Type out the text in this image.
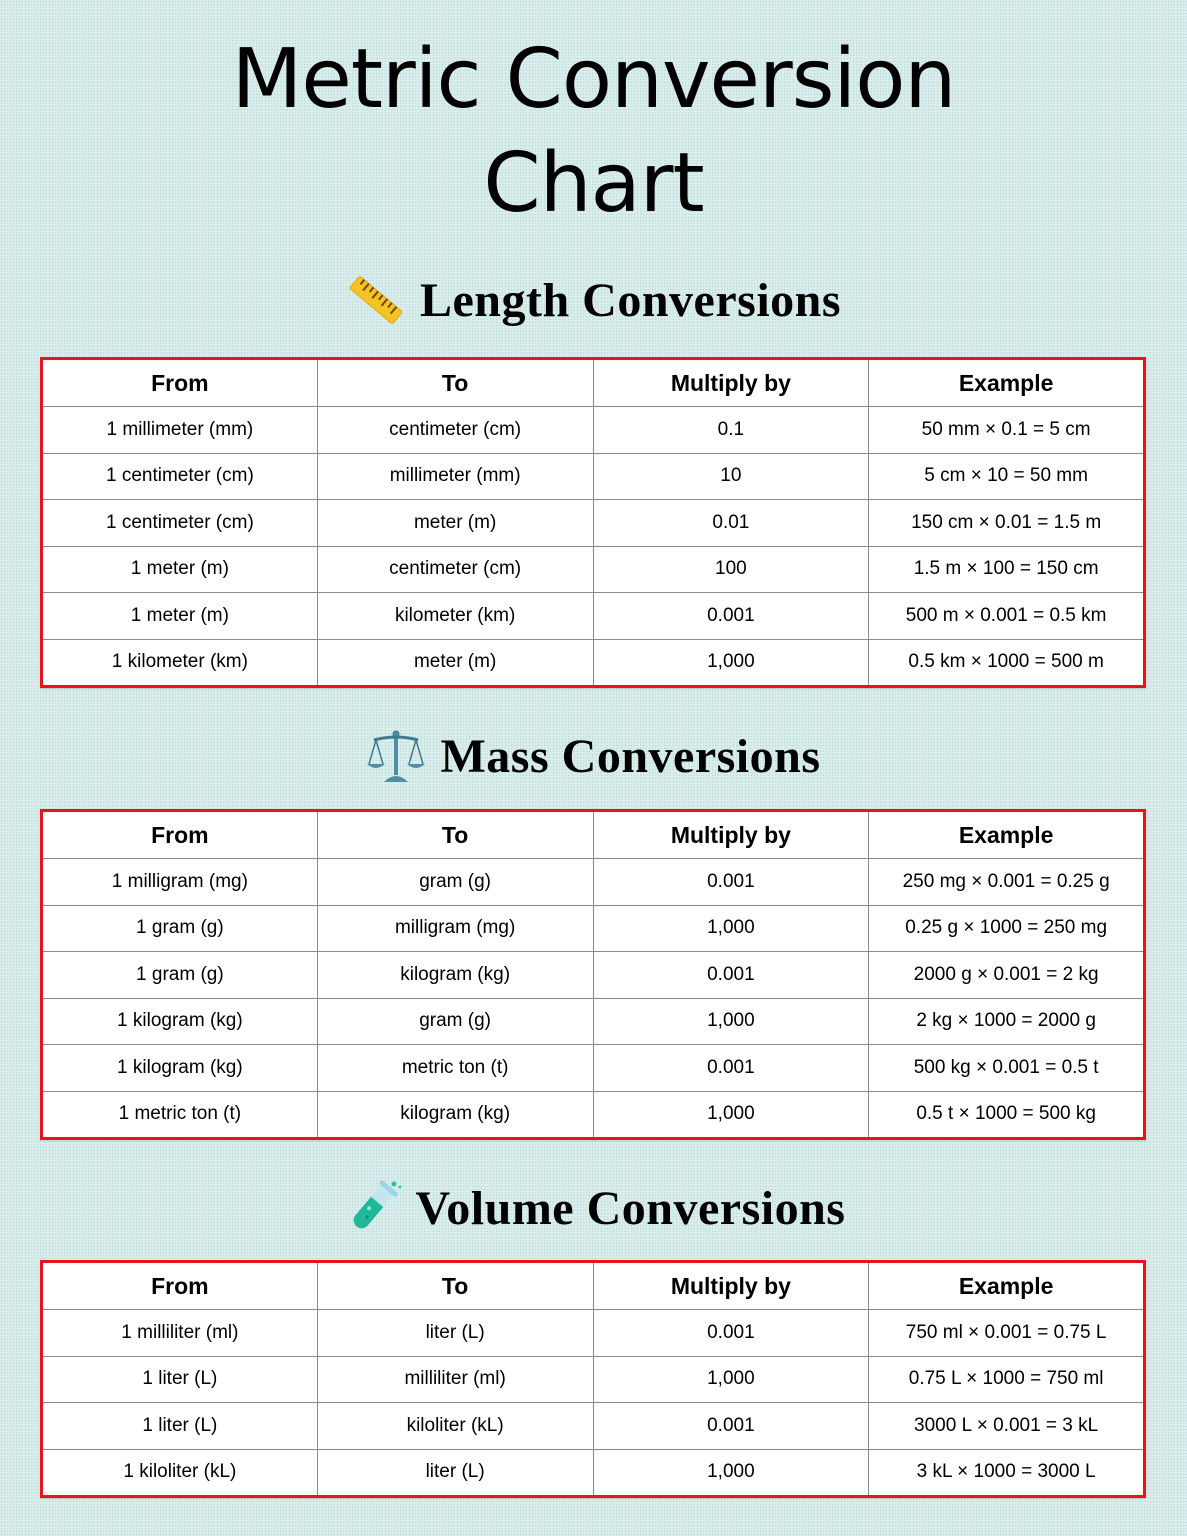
Metric Conversion
Chart
Length Conversions
From	To	Multiply by	Example
1 millimeter (mm)	centimeter (cm)	0.1	50 mm × 0.1 = 5 cm
1 centimeter (cm)	millimeter (mm)	10	5 cm × 10 = 50 mm
1 centimeter (cm)	meter (m)	0.01	150 cm × 0.01 = 1.5 m
1 meter (m)	centimeter (cm)	100	1.5 m × 100 = 150 cm
1 meter (m)	kilometer (km)	0.001	500 m × 0.001 = 0.5 km
1 kilometer (km)	meter (m)	1,000	0.5 km × 1000 = 500 m
Mass Conversions
From	To	Multiply by	Example
1 milligram (mg)	gram (g)	0.001	250 mg × 0.001 = 0.25 g
1 gram (g)	milligram (mg)	1,000	0.25 g × 1000 = 250 mg
1 gram (g)	kilogram (kg)	0.001	2000 g × 0.001 = 2 kg
1 kilogram (kg)	gram (g)	1,000	2 kg × 1000 = 2000 g
1 kilogram (kg)	metric ton (t)	0.001	500 kg × 0.001 = 0.5 t
1 metric ton (t)	kilogram (kg)	1,000	0.5 t × 1000 = 500 kg
Volume Conversions
From	To	Multiply by	Example
1 milliliter (ml)	liter (L)	0.001	750 ml × 0.001 = 0.75 L
1 liter (L)	milliliter (ml)	1,000	0.75 L × 1000 = 750 ml
1 liter (L)	kiloliter (kL)	0.001	3000 L × 0.001 = 3 kL
1 kiloliter (kL)	liter (L)	1,000	3 kL × 1000 = 3000 L
